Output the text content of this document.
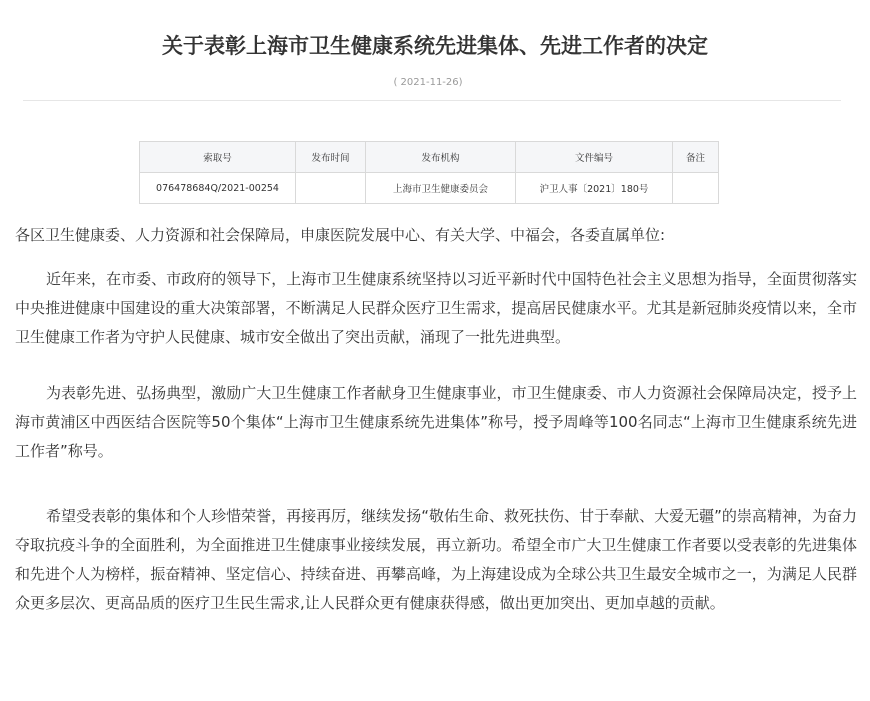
关于表彰上海市卫生健康系统先进集体、先进工作者的决定
( 2021-11-26)
索取号	发布时间	发布机构	文件编号	备注
076478684Q/2021-00254		上海市卫生健康委员会	沪卫人事〔2021〕180号	
各区卫生健康委、人力资源和社会保障局，申康医院发展中心、有关大学、中福会，各委直属单位:

近年来，在市委、市政府的领导下，上海市卫生健康系统坚持以习近平新时代中国特色社会主义思想为指导，全面贯彻落实中央推进健康中国建设的重大决策部署，不断满足人民群众医疗卫生需求，提高居民健康水平。尤其是新冠肺炎疫情以来，全市卫生健康工作者为守护人民健康、城市安全做出了突出贡献，涌现了一批先进典型。

为表彰先进、弘扬典型，激励广大卫生健康工作者献身卫生健康事业，市卫生健康委、市人力资源社会保障局决定，授予上海市黄浦区中西医结合医院等50个集体“上海市卫生健康系统先进集体”称号，授予周峰等100名同志“上海市卫生健康系统先进工作者”称号。

希望受表彰的集体和个人珍惜荣誉，再接再厉，继续发扬“敬佑生命、救死扶伤、甘于奉献、大爱无疆”的崇高精神，为奋力夺取抗疫斗争的全面胜利，为全面推进卫生健康事业接续发展，再立新功。希望全市广大卫生健康工作者要以受表彰的先进集体和先进个人为榜样，振奋精神、坚定信心、持续奋进、再攀高峰，为上海建设成为全球公共卫生最安全城市之一，为满足人民群众更多层次、更高品质的医疗卫生民生需求,让人民群众更有健康获得感，做出更加突出、更加卓越的贡献。
